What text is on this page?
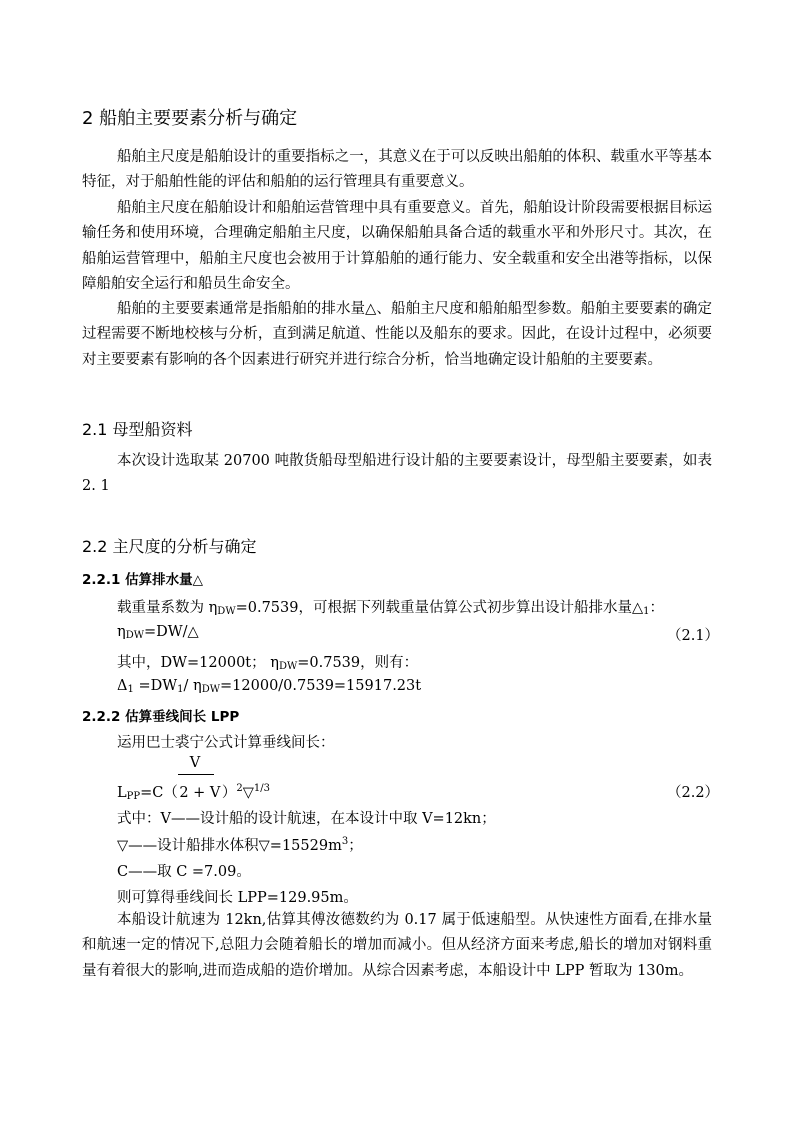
2 船舶主要要素分析与确定
船舶主尺度是船舶设计的重要指标之一，其意义在于可以反映出船舶的体积、载重水平等基本特征，对于船舶性能的评估和船舶的运行管理具有重要意义。
船舶主尺度在船舶设计和船舶运营管理中具有重要意义。首先，船舶设计阶段需要根据目标运输任务和使用环境，合理确定船舶主尺度，以确保船舶具备合适的载重水平和外形尺寸。其次，在船舶运营管理中，船舶主尺度也会被用于计算船舶的通行能力、安全载重和安全出港等指标，以保障船舶安全运行和船员生命安全。
船舶的主要要素通常是指船舶的排水量△、船舶主尺度和船舶船型参数。船舶主要要素的确定过程需要不断地校核与分析，直到满足航道、性能以及船东的要求。因此，在设计过程中，必须要对主要要素有影响的各个因素进行研究并进行综合分析，恰当地确定设计船舶的主要要素。
2.1 母型船资料
本次设计选取某 20700 吨散货船母型船进行设计船的主要要素设计，母型船主要要素，如表 2. 1
2.2 主尺度的分析与确定
2.2.1 估算排水量△
载重量系数为 $\eta_{DW}=0.7539$，可根据下列载重量估算公式初步算出设计船排水量$\triangle_1$：
$\eta_{DW}=DW/\triangle$	（2.1）
其中，DW=12000t； $\eta_{DW}=0.7539$，则有：
$\Delta_1 =DW_1/$ $\eta_{DW}=12000/0.7539=15917.23t$
2.2.2 估算垂线间长 LPP
运用巴士裘宁公式计算垂线间长：
V
$L_{PP}=C(2$ + $V)^2▽^{1/3}$	（2.2）
式中：V——设计船的设计航速，在本设计中取 V=12kn；
▽——设计船排水体积$▽=15529m^3$；
C——取 C =7.09。
则可算得垂线间长 LPP=129.95m。
本船设计航速为 12kn,估算其傅汝德数约为 0.17 属于低速船型。从快速性方面看,在排水量和航速一定的情况下,总阻力会随着船长的增加而减小。但从经济方面来考虑,船长的增加对钢料重量有着很大的影响,进而造成船的造价增加。从综合因素考虑，本船设计中 LPP 暂取为 130m。
